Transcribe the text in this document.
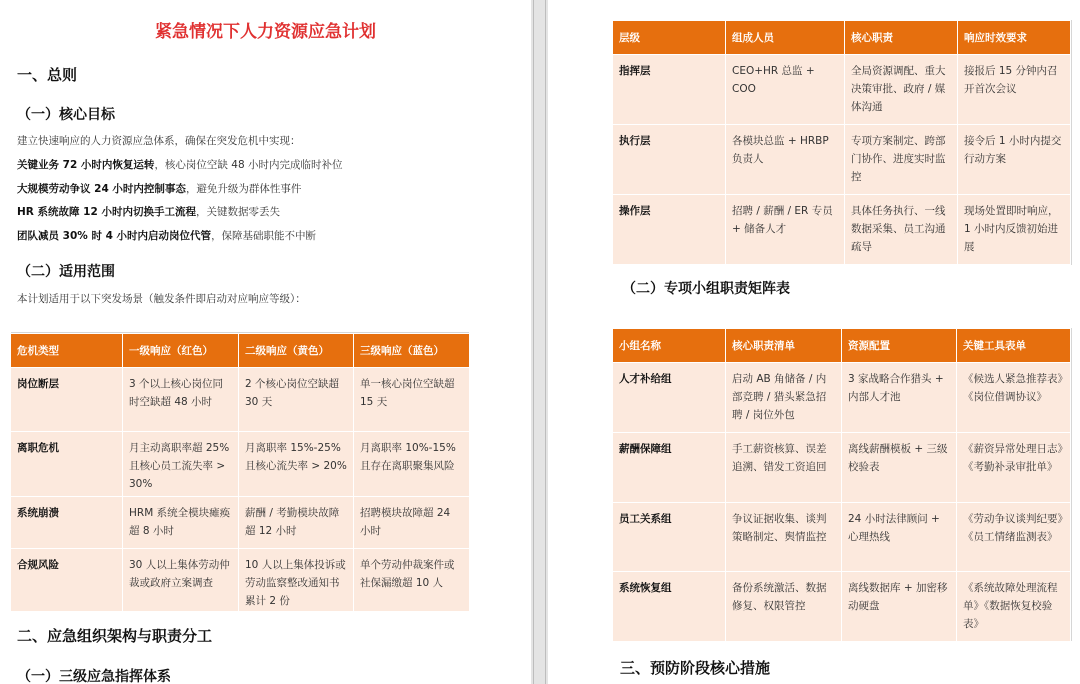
紧急情况下人力资源应急计划
一、总则
（一）核心目标
建立快速响应的人力资源应急体系，确保在突发危机中实现：
关键业务 72 小时内恢复运转，核心岗位空缺 48 小时内完成临时补位
大规模劳动争议 24 小时内控制事态，避免升级为群体性事件
HR 系统故障 12 小时内切换手工流程，关键数据零丢失
团队减员 30% 时 4 小时内启动岗位代管，保障基础职能不中断
（二）适用范围
本计划适用于以下突发场景（触发条件即启动对应响应等级）：
危机类型	一级响应（红色）	二级响应（黄色）	三级响应（蓝色）
岗位断层	3 个以上核心岗位同时空缺超 48 小时	2 个核心岗位空缺超 30 天	单一核心岗位空缺超 15 天
离职危机	月主动离职率超 25% 且核心员工流失率 > 30%	月离职率 15%-25% 且核心流失率 > 20%	月离职率 10%-15% 且存在离职聚集风险
系统崩溃	HRM 系统全模块瘫痪超 8 小时	薪酬 / 考勤模块故障超 12 小时	招聘模块故障超 24 小时
合规风险	30 人以上集体劳动仲裁或政府立案调查	10 人以上集体投诉或劳动监察整改通知书累计 2 份	单个劳动仲裁案件或社保漏缴超 10 人
二、应急组织架构与职责分工
（一）三级应急指挥体系
层级	组成人员	核心职责	响应时效要求
指挥层	CEO+HR 总监 + COO	全局资源调配、重大决策审批、政府 / 媒体沟通	接报后 15 分钟内召开首次会议
执行层	各模块总监 + HRBP 负责人	专项方案制定、跨部门协作、进度实时监控	接令后 1 小时内提交行动方案
操作层	招聘 / 薪酬 / ER 专员 + 储备人才	具体任务执行、一线数据采集、员工沟通疏导	现场处置即时响应，1 小时内反馈初始进展
（二）专项小组职责矩阵表
小组名称	核心职责清单	资源配置	关键工具表单
人才补给组	启动 AB 角储备 / 内部竞聘 / 猎头紧急招聘 / 岗位外包	3 家战略合作猎头 + 内部人才池	《候选人紧急推荐表》《岗位借调协议》
薪酬保障组	手工薪资核算、误差追溯、错发工资追回	离线薪酬模板 + 三级校验表	《薪资异常处理日志》《考勤补录审批单》
员工关系组	争议证据收集、谈判策略制定、舆情监控	24 小时法律顾问 + 心理热线	《劳动争议谈判纪要》《员工情绪监测表》
系统恢复组	备份系统激活、数据修复、权限管控	离线数据库 + 加密移动硬盘	《系统故障处理流程单》《数据恢复校验表》
三、预防阶段核心措施
